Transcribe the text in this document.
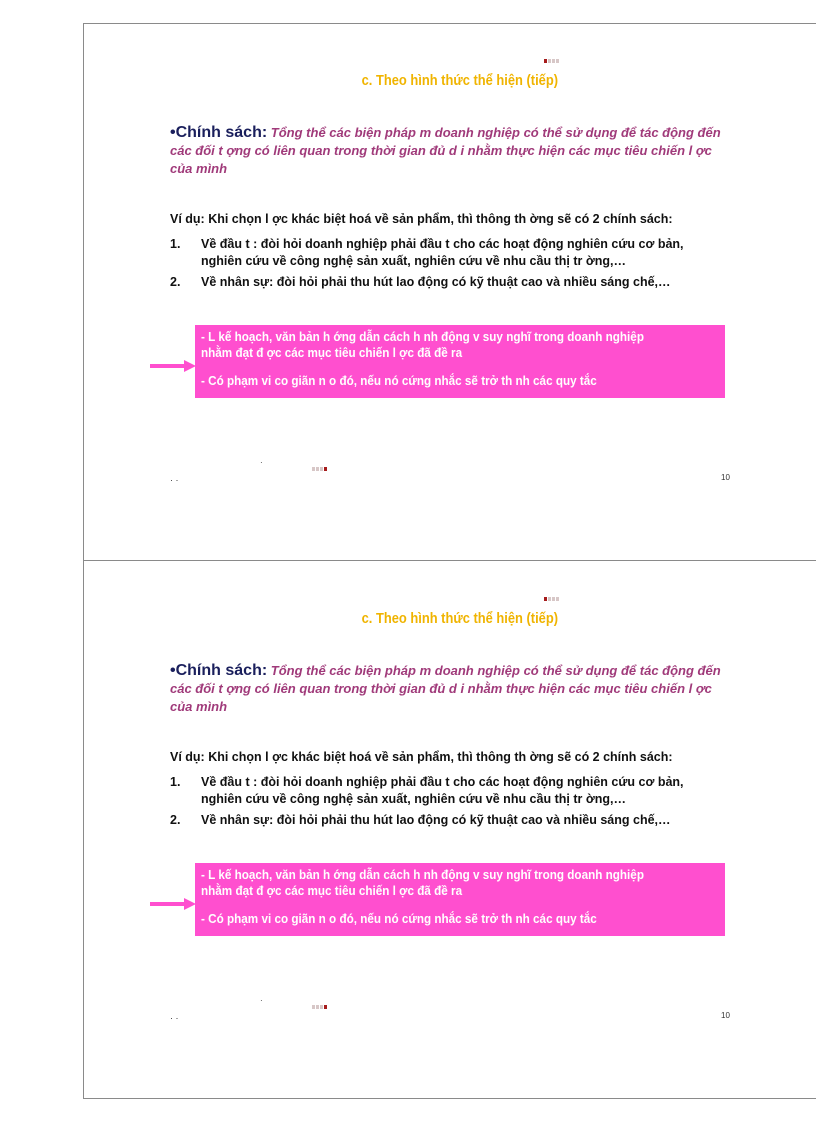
c. Theo hình thức thể hiện (tiếp)
•Chính sách: Tổng thể các biện pháp m doanh nghiệp có thể sử dụng để tác động đến các đối t ợng có liên quan trong thời gian đủ d i nhằm thực hiện các mục tiêu chiến l ợc của mình
Ví dụ: Khi chọn l ợc khác biệt hoá về sản phẩm, thì thông th ờng sẽ có 2 chính sách:
1. Về đầu t : đòi hỏi doanh nghiệp phải đầu t cho các hoạt động nghiên cứu cơ bản, nghiên cứu về công nghệ sản xuất, nghiên cứu về nhu cầu thị tr ờng,…
2. Về nhân sự: đòi hỏi phải thu hút lao động có kỹ thuật cao và nhiều sáng chế,…
- L kế hoạch, văn bản h ớng dẫn cách h nh động v suy nghĩ trong doanh nghiệp
nhằm đạt đ ợc các mục tiêu chiến l ợc đã đề ra
- Có phạm vi co giãn n o đó, nếu nó cứng nhắc sẽ trở th nh các quy tắc
·
· ·	10
c. Theo hình thức thể hiện (tiếp)
•Chính sách: Tổng thể các biện pháp m doanh nghiệp có thể sử dụng để tác động đến các đối t ợng có liên quan trong thời gian đủ d i nhằm thực hiện các mục tiêu chiến l ợc của mình
Ví dụ: Khi chọn l ợc khác biệt hoá về sản phẩm, thì thông th ờng sẽ có 2 chính sách:
1. Về đầu t : đòi hỏi doanh nghiệp phải đầu t cho các hoạt động nghiên cứu cơ bản, nghiên cứu về công nghệ sản xuất, nghiên cứu về nhu cầu thị tr ờng,…
2. Về nhân sự: đòi hỏi phải thu hút lao động có kỹ thuật cao và nhiều sáng chế,…
- L kế hoạch, văn bản h ớng dẫn cách h nh động v suy nghĩ trong doanh nghiệp
nhằm đạt đ ợc các mục tiêu chiến l ợc đã đề ra
- Có phạm vi co giãn n o đó, nếu nó cứng nhắc sẽ trở th nh các quy tắc
·
· ·	10
